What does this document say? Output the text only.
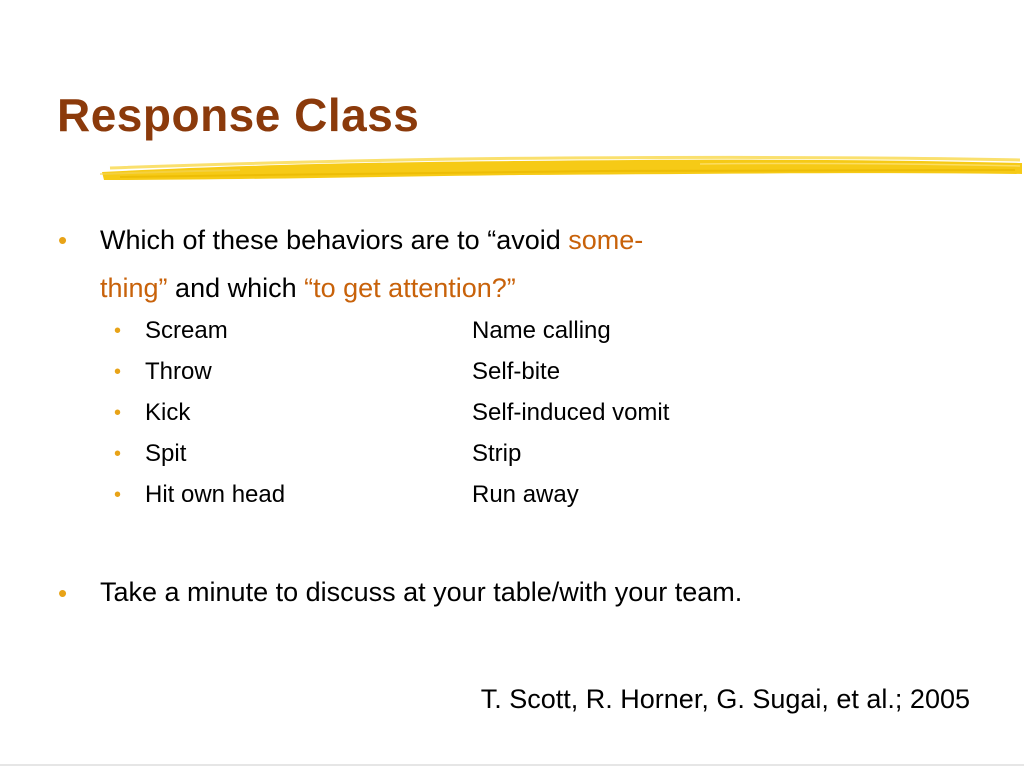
Response Class
• Which of these behaviors are to “avoid some-
thing” and which “to get attention?”
• Scream	Name calling
• Throw	Self-bite
• Kick	Self-induced vomit
• Spit	Strip
• Hit own head	Run away
• Take a minute to discuss at your table/with your team.
T. Scott, R. Horner, G. Sugai, et al.; 2005
